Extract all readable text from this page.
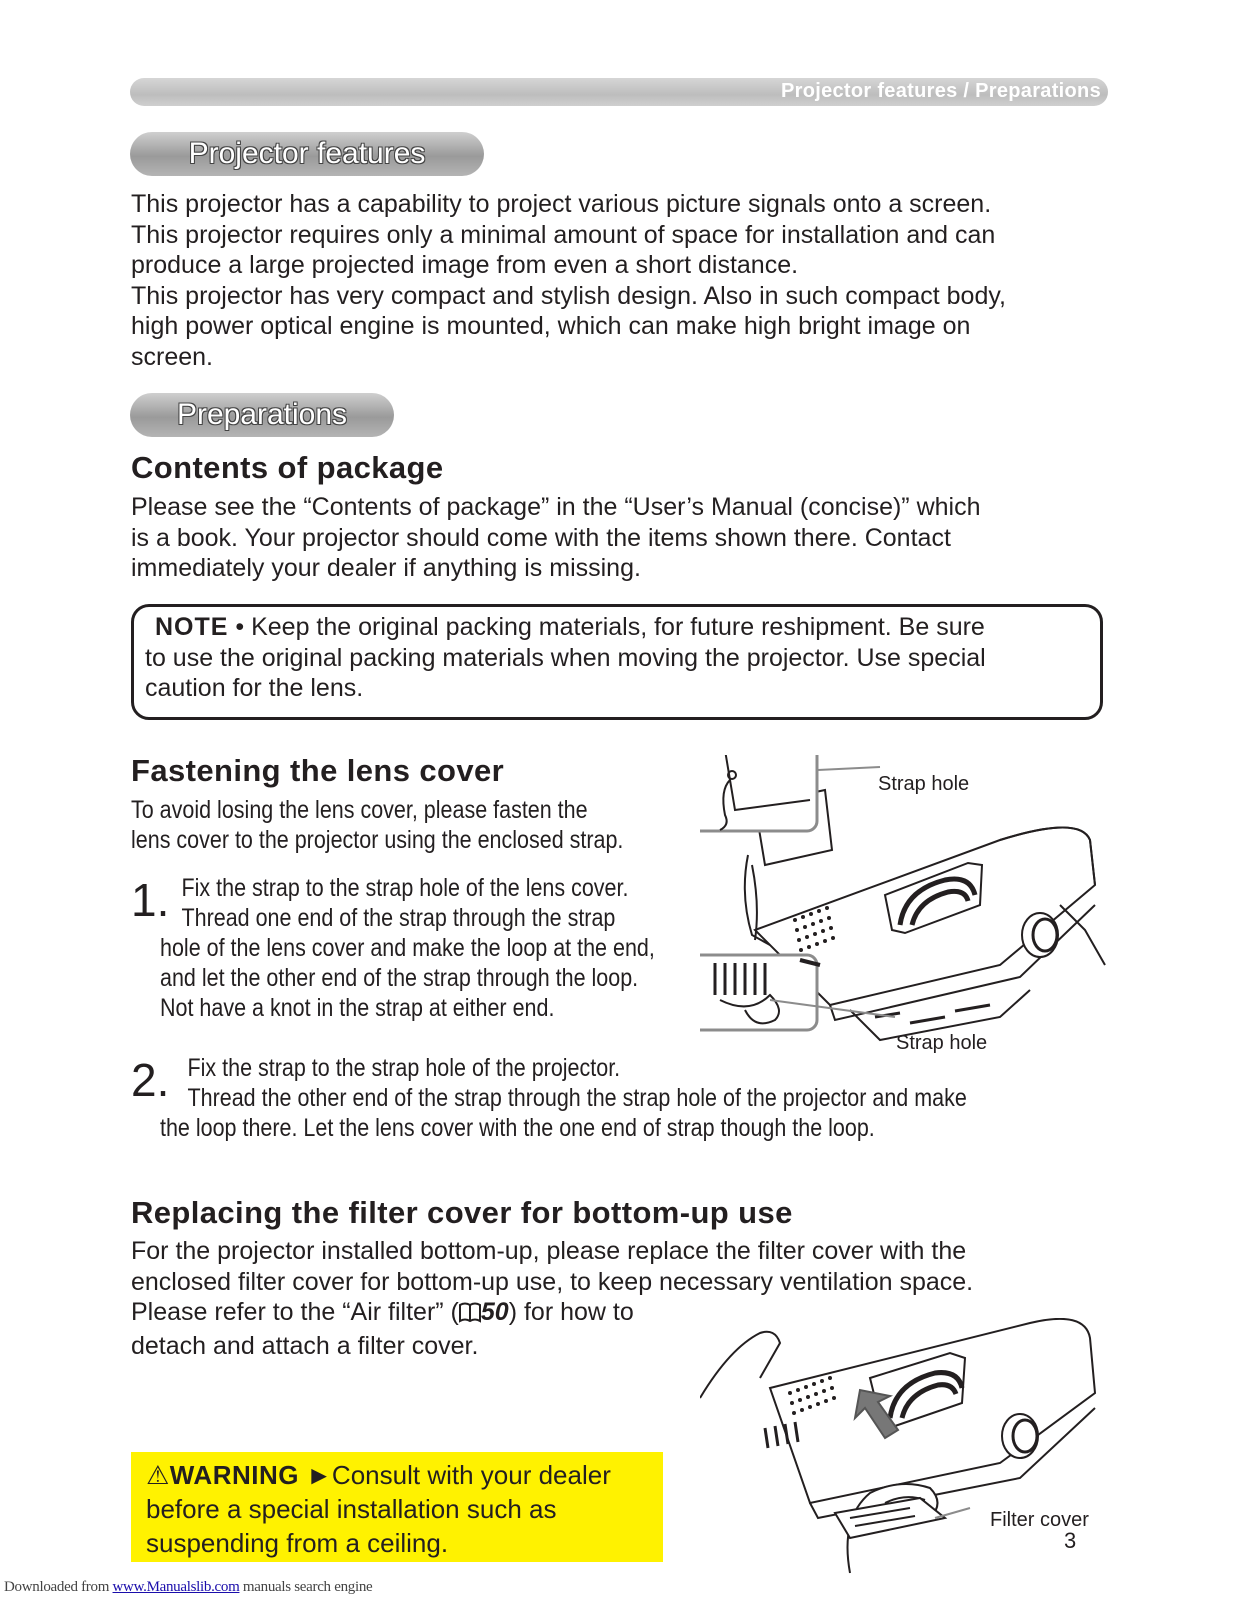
Projector features / Preparations
Projector features
This projector has a capability to project various picture signals onto a screen.
This projector requires only a minimal amount of space for installation and can
produce a large projected image from even a short distance.
This projector has very compact and stylish design. Also in such compact body,
high power optical engine is mounted, which can make high bright image on
screen.
Preparations
Contents of package
Please see the “Contents of package” in the “User’s Manual (concise)” which
is a book. Your projector should come with the items shown there. Contact
immediately your dealer if anything is missing.
NOTE • Keep the original packing materials, for future reshipment. Be sure
to use the original packing materials when moving the projector. Use special
caution for the lens.
Fastening the lens cover
To avoid losing the lens cover, please fasten the
lens cover to the projector using the enclosed strap.
1. Fix the strap to the strap hole of the lens cover.
Thread one end of the strap through the strap
hole of the lens cover and make the loop at the end,
and let the other end of the strap through the loop.
Not have a knot in the strap at either end.
2. Fix the strap to the strap hole of the projector.
Thread the other end of the strap through the strap hole of the projector and make
the loop there. Let the lens cover with the one end of strap though the loop.
Strap hole
Strap hole
Replacing the filter cover for bottom-up use
For the projector installed bottom-up, please replace the filter cover with the
enclosed filter cover for bottom-up use, to keep necessary ventilation space.
Please refer to the “Air filter” ( 50) for how to
detach and attach a filter cover.
Filter cover
⚠WARNING ►Consult with your dealer
before a special installation such as
suspending from a ceiling.	3
Downloaded from www.Manualslib.com manuals search engine
